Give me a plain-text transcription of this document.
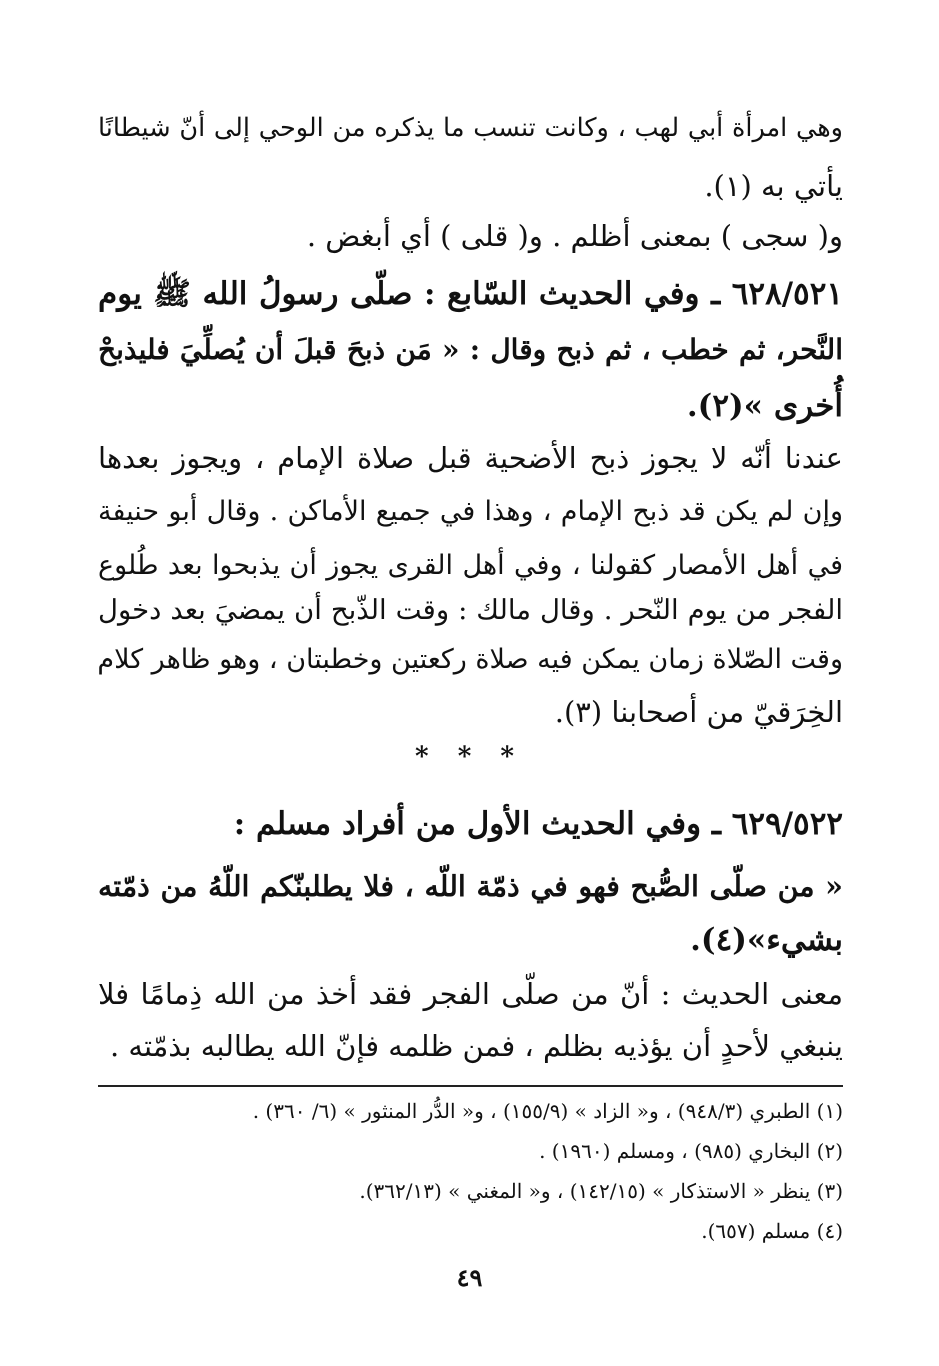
وهي امرأة أبي لهب ، وكانت تنسب ما يذكره من الوحي إلى أنّ شيطانًا
يأتي به (١).
و( سجى ) بمعنى أظلم . و( قلى ) أي أبغض .
٦٢٨/٥٢١ ـ وفي الحديث السّابع : صلّى رسولُ الله ﷺ يوم
النَّحر، ثم خطب ، ثم ذبح وقال : « مَن ذبحَ قبلَ أن يُصلِّيَ فليذبحْ
أُخرى »(٢).
عندنا أنّه لا يجوز ذبح الأضحية قبل صلاة الإمام ، ويجوز بعدها
وإن لم يكن قد ذبح الإمام ، وهذا في جميع الأماكن . وقال أبو حنيفة
في أهل الأمصار كقولنا ، وفي أهل القرى يجوز أن يذبحوا بعد طُلوع
الفجر من يوم النّحر . وقال مالك : وقت الذّبح أن يمضيَ بعد دخول
وقت الصّلاة زمان يمكن فيه صلاة ركعتين وخطبتان ، وهو ظاهر كلام
الخِرَقيّ من أصحابنا (٣).
* * *
٦٢٩/٥٢٢ ـ وفي الحديث الأول من أفراد مسلم :
« من صلّى الصُّبح فهو في ذمّة اللّه ، فلا يطلبنّكم اللّهُ من ذمّته
بشيء»(٤).
معنى الحديث : أنّ من صلّى الفجر فقد أخذ من الله ذِمامًا فلا
ينبغي لأحدٍ أن يؤذيه بظلم ، فمن ظلمه فإنّ الله يطالبه بذمّته .
(١) الطبري (٩٤٨/٣) ، و« الزاد » (١٥٥/٩) ، و« الدُّر المنثور » (٦/ ٣٦٠) .
(٢) البخاري (٩٨٥) ، ومسلم (١٩٦٠) .
(٣) ينظر « الاستذكار » (١٤٢/١٥) ، و« المغني » (٣٦٢/١٣).
(٤) مسلم (٦٥٧).
٤٩
